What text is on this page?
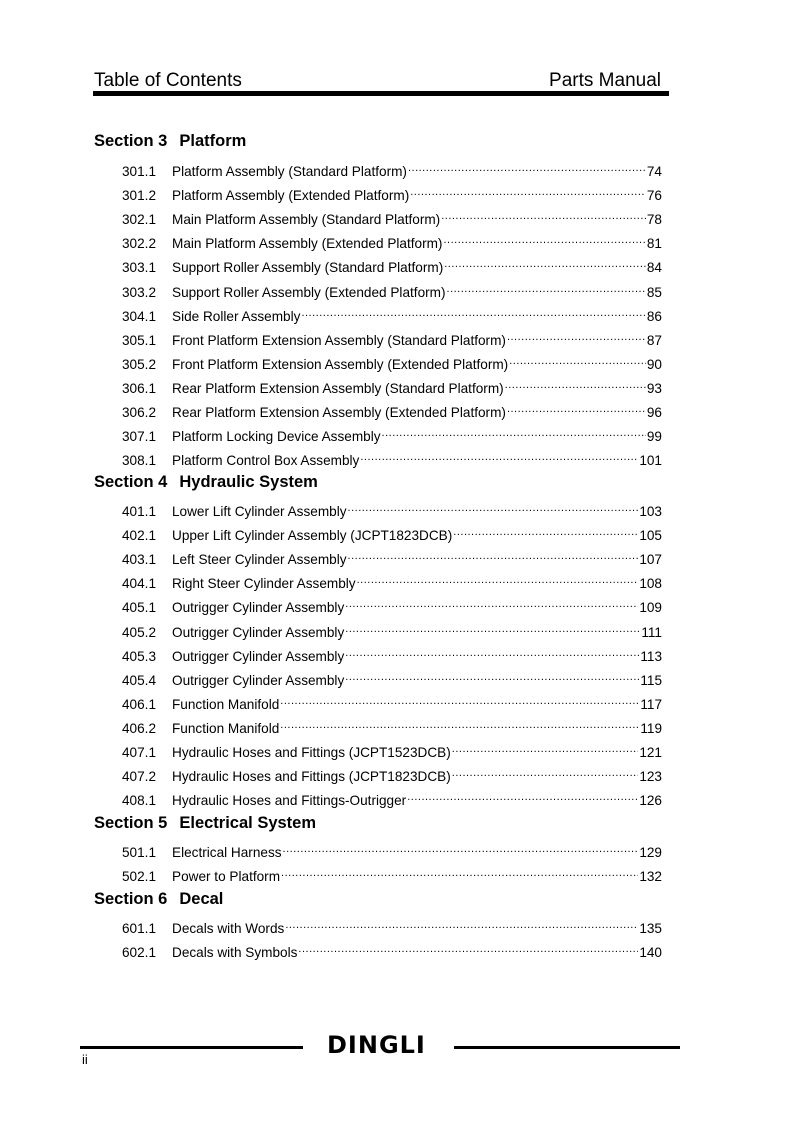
Table of Contents	Parts Manual
Section 3 Platform
301.1	Platform Assembly (Standard Platform) .....	74
301.2	Platform Assembly (Extended Platform) .....	76
302.1	Main Platform Assembly (Standard Platform) .....	78
302.2	Main Platform Assembly (Extended Platform) .....	81
303.1	Support Roller Assembly (Standard Platform) .....	84
303.2	Support Roller Assembly (Extended Platform) .....	85
304.1	Side Roller Assembly .....	86
305.1	Front Platform Extension Assembly (Standard Platform) .....	87
305.2	Front Platform Extension Assembly (Extended Platform) .....	90
306.1	Rear Platform Extension Assembly (Standard Platform) .....	93
306.2	Rear Platform Extension Assembly (Extended Platform) .....	96
307.1	Platform Locking Device Assembly .....	99
308.1	Platform Control Box Assembly .....	101
Section 4 Hydraulic System
401.1	Lower Lift Cylinder Assembly .....	103
402.1	Upper Lift Cylinder Assembly (JCPT1823DCB) .....	105
403.1	Left Steer Cylinder Assembly .....	107
404.1	Right Steer Cylinder Assembly .....	108
405.1	Outrigger Cylinder Assembly .....	109
405.2	Outrigger Cylinder Assembly .....	111
405.3	Outrigger Cylinder Assembly .....	113
405.4	Outrigger Cylinder Assembly .....	115
406.1	Function Manifold .....	117
406.2	Function Manifold .....	119
407.1	Hydraulic Hoses and Fittings (JCPT1523DCB) .....	121
407.2	Hydraulic Hoses and Fittings (JCPT1823DCB) .....	123
408.1	Hydraulic Hoses and Fittings-Outrigger .....	126
Section 5 Electrical System
501.1	Electrical Harness .....	129
502.1	Power to Platform .....	132
Section 6 Decal
601.1	Decals with Words .....	135
602.1	Decals with Symbols .....	140
DINGLI
ii
